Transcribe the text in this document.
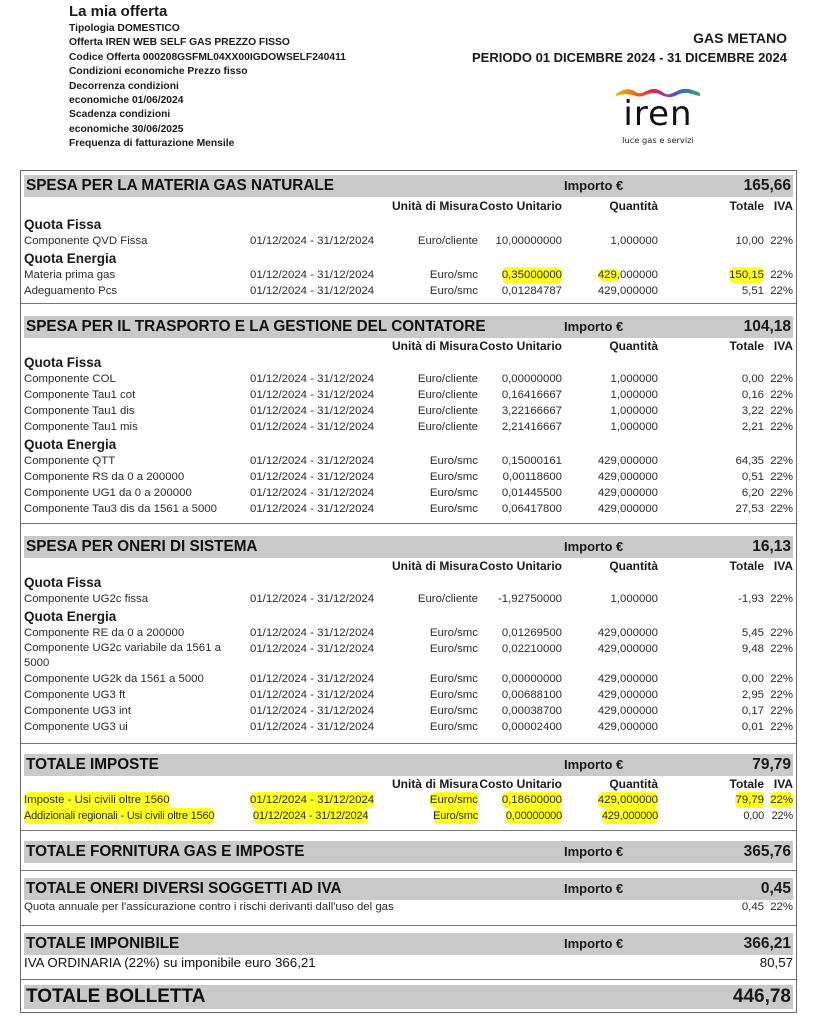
La mia offerta
Tipologia DOMESTICO
Offerta IREN WEB SELF GAS PREZZO FISSO
Codice Offerta 000208GSFML04XX00IGDOWSELF240411
Condizioni economiche Prezzo fisso
Decorrenza condizioni
economiche 01/06/2024
Scadenza condizioni
economiche 30/06/2025
Frequenza di fatturazione Mensile
GAS METANO
PERIODO 01 DICEMBRE 2024 - 31 DICEMBRE 2024
iren
luce gas e servizi
SPESA PER LA MATERIA GAS NATURALE	Importo €	165,66
Unità di Misura Costo Unitario	Quantità	Totale IVA
Quota Fissa
Componente QVD Fissa	01/12/2024 - 31/12/2024	Euro/cliente 10,00000000	1,000000	10,00 22%
Quota Energia
Materia prima gas	01/12/2024 - 31/12/2024	Euro/smc 0,35000000	429,000000	150,15 22%
Adeguamento Pcs	01/12/2024 - 31/12/2024	Euro/smc 0,01284787	429,000000	5,51 22%
SPESA PER IL TRASPORTO E LA GESTIONE DEL CONTATORE	Importo €	104,18
Unità di Misura Costo Unitario	Quantità	Totale IVA
Quota Fissa
Componente COL	01/12/2024 - 31/12/2024	Euro/cliente 0,00000000	1,000000	0,00 22%
Componente Tau1 cot	01/12/2024 - 31/12/2024	Euro/cliente 0,16416667	1,000000	0,16 22%
Componente Tau1 dis	01/12/2024 - 31/12/2024	Euro/cliente 3,22166667	1,000000	3,22 22%
Componente Tau1 mis	01/12/2024 - 31/12/2024	Euro/cliente 2,21416667	1,000000	2,21 22%
Quota Energia
Componente QTT	01/12/2024 - 31/12/2024	Euro/smc 0,15000161	429,000000	64,35 22%
Componente RS da 0 a 200000	01/12/2024 - 31/12/2024	Euro/smc 0,00118600	429,000000	0,51 22%
Componente UG1 da 0 a 200000	01/12/2024 - 31/12/2024	Euro/smc 0,01445500	429,000000	6,20 22%
Componente Tau3 dis da 1561 a 5000	01/12/2024 - 31/12/2024	Euro/smc 0,06417800	429,000000	27,53 22%
SPESA PER ONERI DI SISTEMA	Importo €	16,13
Unità di Misura Costo Unitario	Quantità	Totale IVA
Quota Fissa
Componente UG2c fissa	01/12/2024 - 31/12/2024	Euro/cliente -1,92750000	1,000000	-1,93 22%
Quota Energia
Componente RE da 0 a 200000	01/12/2024 - 31/12/2024	Euro/smc 0,01269500	429,000000	5,45 22%
Componente UG2c variabile da 1561 a 5000
01/12/2024 - 31/12/2024	Euro/smc 0,02210000	429,000000	9,48 22%
Componente UG2k da 1561 a 5000	01/12/2024 - 31/12/2024	Euro/smc 0,00000000	429,000000	0,00 22%
Componente UG3 ft	01/12/2024 - 31/12/2024	Euro/smc 0,00688100	429,000000	2,95 22%
Componente UG3 int	01/12/2024 - 31/12/2024	Euro/smc 0,00038700	429,000000	0,17 22%
Componente UG3 ui	01/12/2024 - 31/12/2024	Euro/smc 0,00002400	429,000000	0,01 22%
TOTALE IMPOSTE	Importo €	79,79
Unità di Misura Costo Unitario	Quantità	Totale IVA
Imposte - Usi civili oltre 1560	01/12/2024 - 31/12/2024	Euro/smc 0,18600000	429,000000	79,79 22%
Addizionali regionali - Usi civili oltre 1560	01/12/2024 - 31/12/2024	Euro/smc	0,00000000	429,000000	0,00 22%
TOTALE FORNITURA GAS E IMPOSTE	Importo €	365,76
TOTALE ONERI DIVERSI SOGGETTI AD IVA	Importo €	0,45
Quota annuale per l'assicurazione contro i rischi derivanti dall'uso del gas	0,45 22%
TOTALE IMPONIBILE	Importo €	366,21
IVA ORDINARIA (22%) su imponibile euro 366,21	80,57
TOTALE BOLLETTA	446,78
